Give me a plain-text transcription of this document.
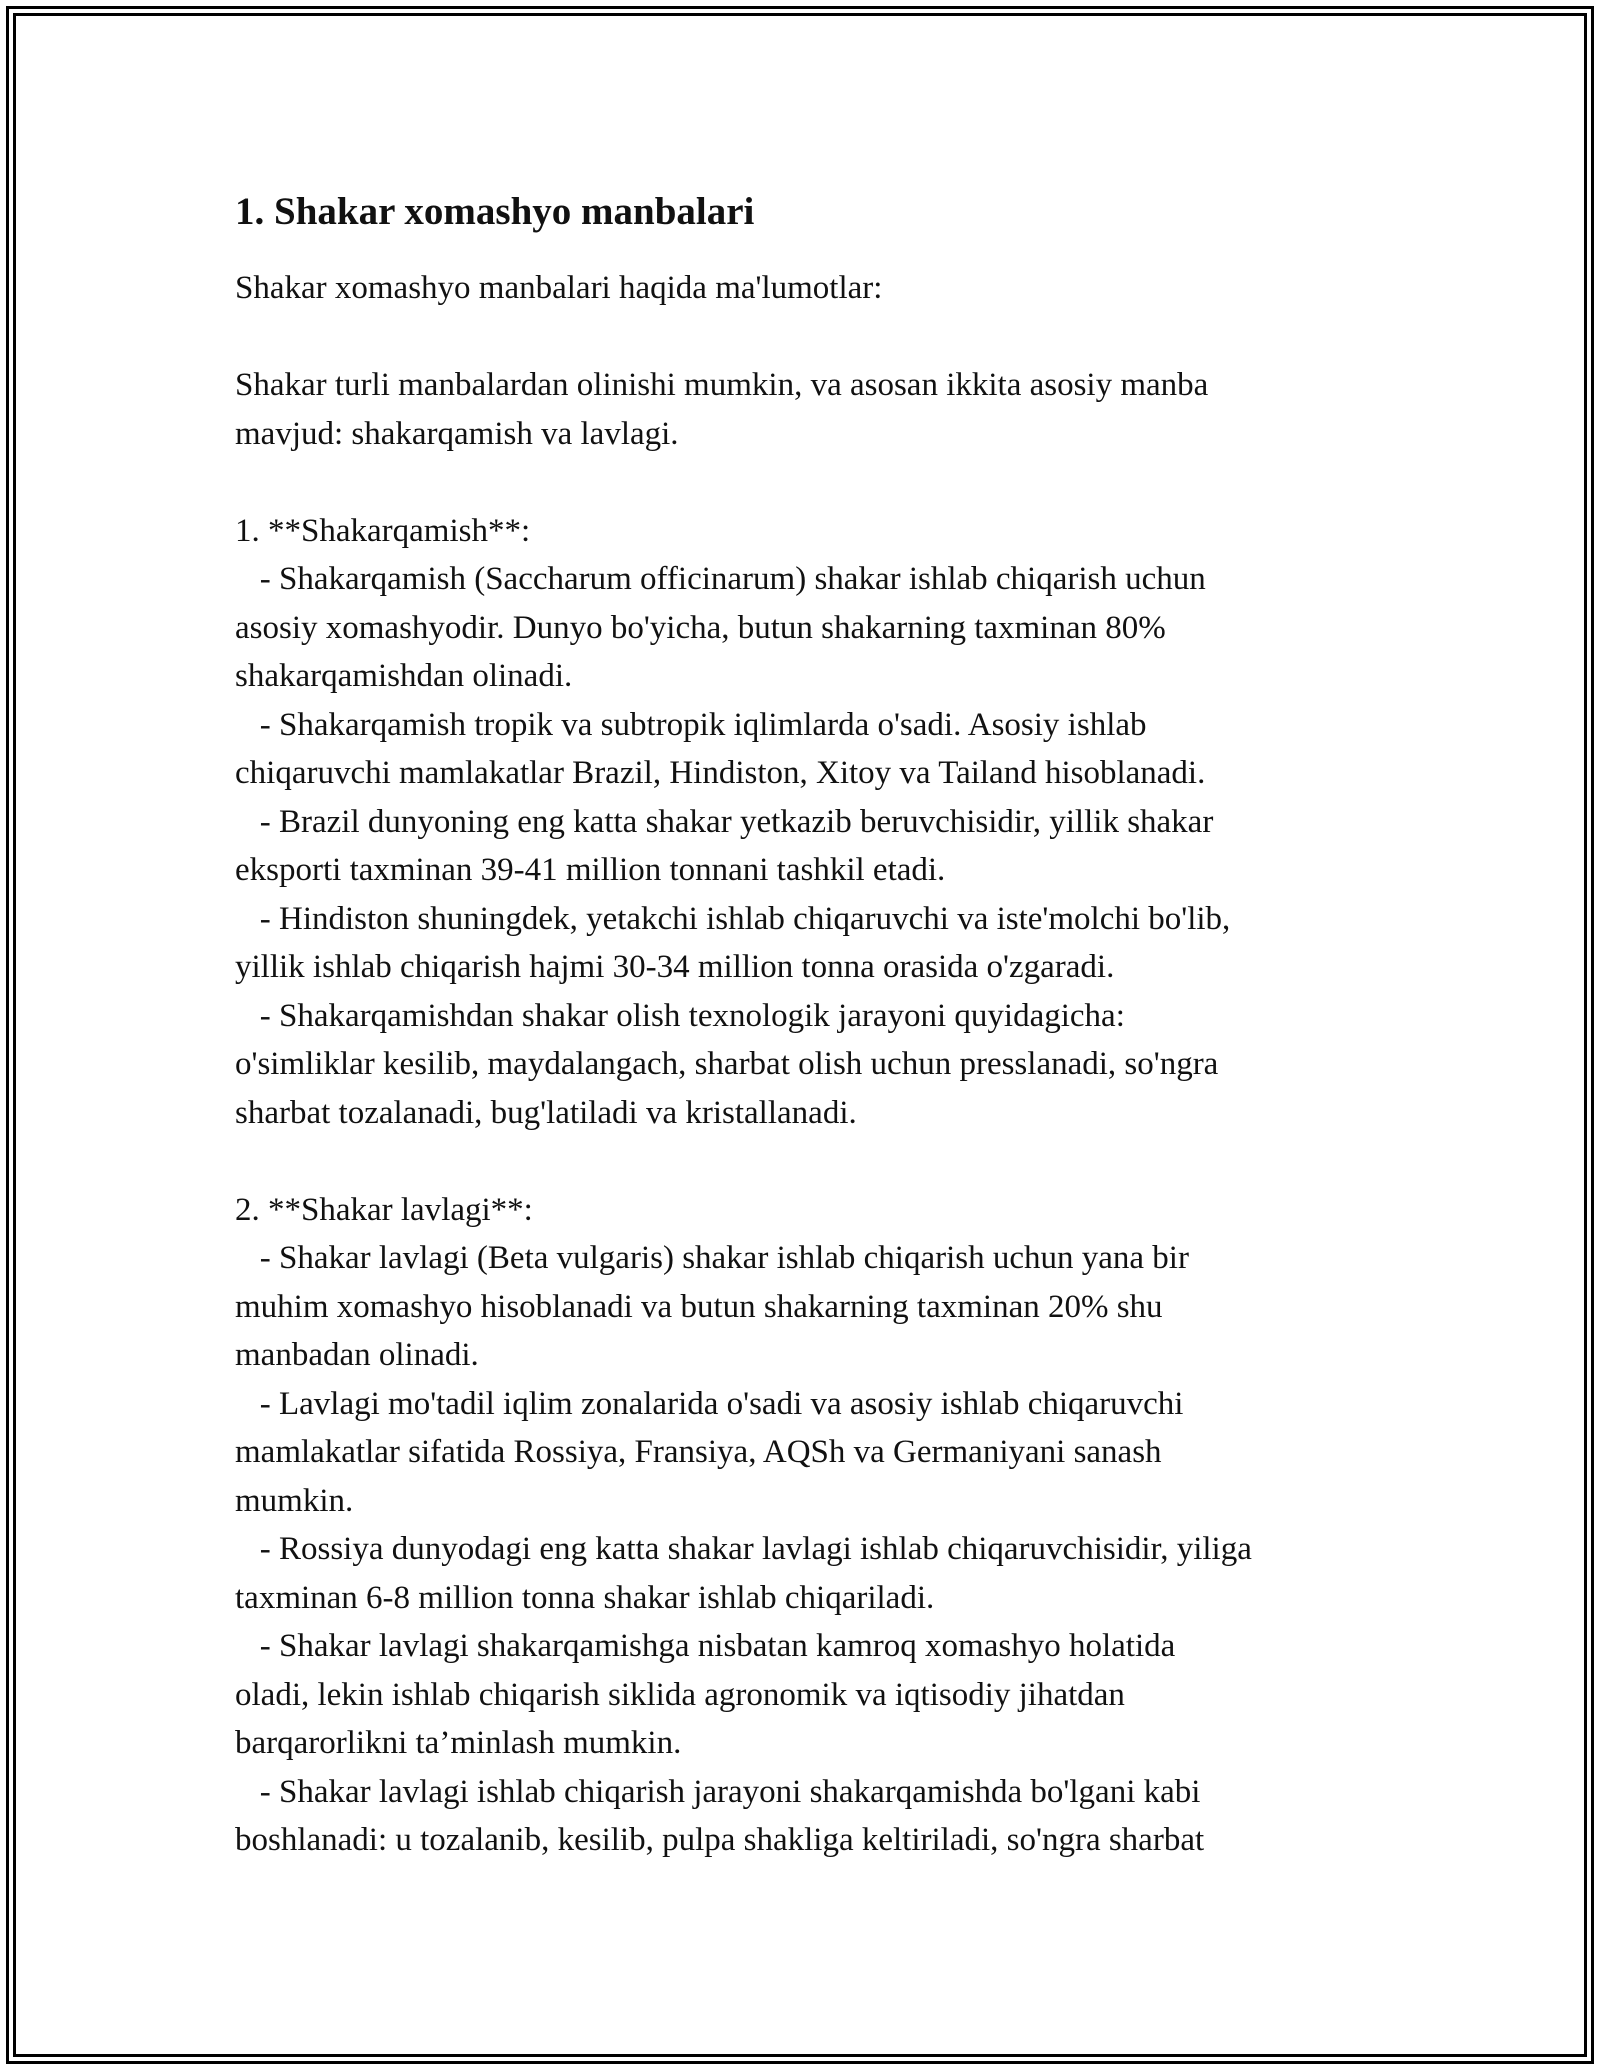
1. Shakar xomashyo manbalari

Shakar xomashyo manbalari haqida ma'lumotlar:

Shakar turli manbalardan olinishi mumkin, va asosan ikkita asosiy manba
mavjud: shakarqamish va lavlagi.

1. **Shakarqamish**:
- Shakarqamish (Saccharum officinarum) shakar ishlab chiqarish uchun
asosiy xomashyodir. Dunyo bo'yicha, butun shakarning taxminan 80%
shakarqamishdan olinadi.
- Shakarqamish tropik va subtropik iqlimlarda o'sadi. Asosiy ishlab
chiqaruvchi mamlakatlar Brazil, Hindiston, Xitoy va Tailand hisoblanadi.
- Brazil dunyoning eng katta shakar yetkazib beruvchisidir, yillik shakar
eksporti taxminan 39-41 million tonnani tashkil etadi.
- Hindiston shuningdek, yetakchi ishlab chiqaruvchi va iste'molchi bo'lib,
yillik ishlab chiqarish hajmi 30-34 million tonna orasida o'zgaradi.
- Shakarqamishdan shakar olish texnologik jarayoni quyidagicha:
o'simliklar kesilib, maydalangach, sharbat olish uchun presslanadi, so'ngra
sharbat tozalanadi, bug'latiladi va kristallanadi.

2. **Shakar lavlagi**:
- Shakar lavlagi (Beta vulgaris) shakar ishlab chiqarish uchun yana bir
muhim xomashyo hisoblanadi va butun shakarning taxminan 20% shu
manbadan olinadi.
- Lavlagi mo'tadil iqlim zonalarida o'sadi va asosiy ishlab chiqaruvchi
mamlakatlar sifatida Rossiya, Fransiya, AQSh va Germaniyani sanash
mumkin.
- Rossiya dunyodagi eng katta shakar lavlagi ishlab chiqaruvchisidir, yiliga
taxminan 6-8 million tonna shakar ishlab chiqariladi.
- Shakar lavlagi shakarqamishga nisbatan kamroq xomashyo holatida
oladi, lekin ishlab chiqarish siklida agronomik va iqtisodiy jihatdan
barqarorlikni ta’minlash mumkin.
- Shakar lavlagi ishlab chiqarish jarayoni shakarqamishda bo'lgani kabi
boshlanadi: u tozalanib, kesilib, pulpa shakliga keltiriladi, so'ngra sharbat
